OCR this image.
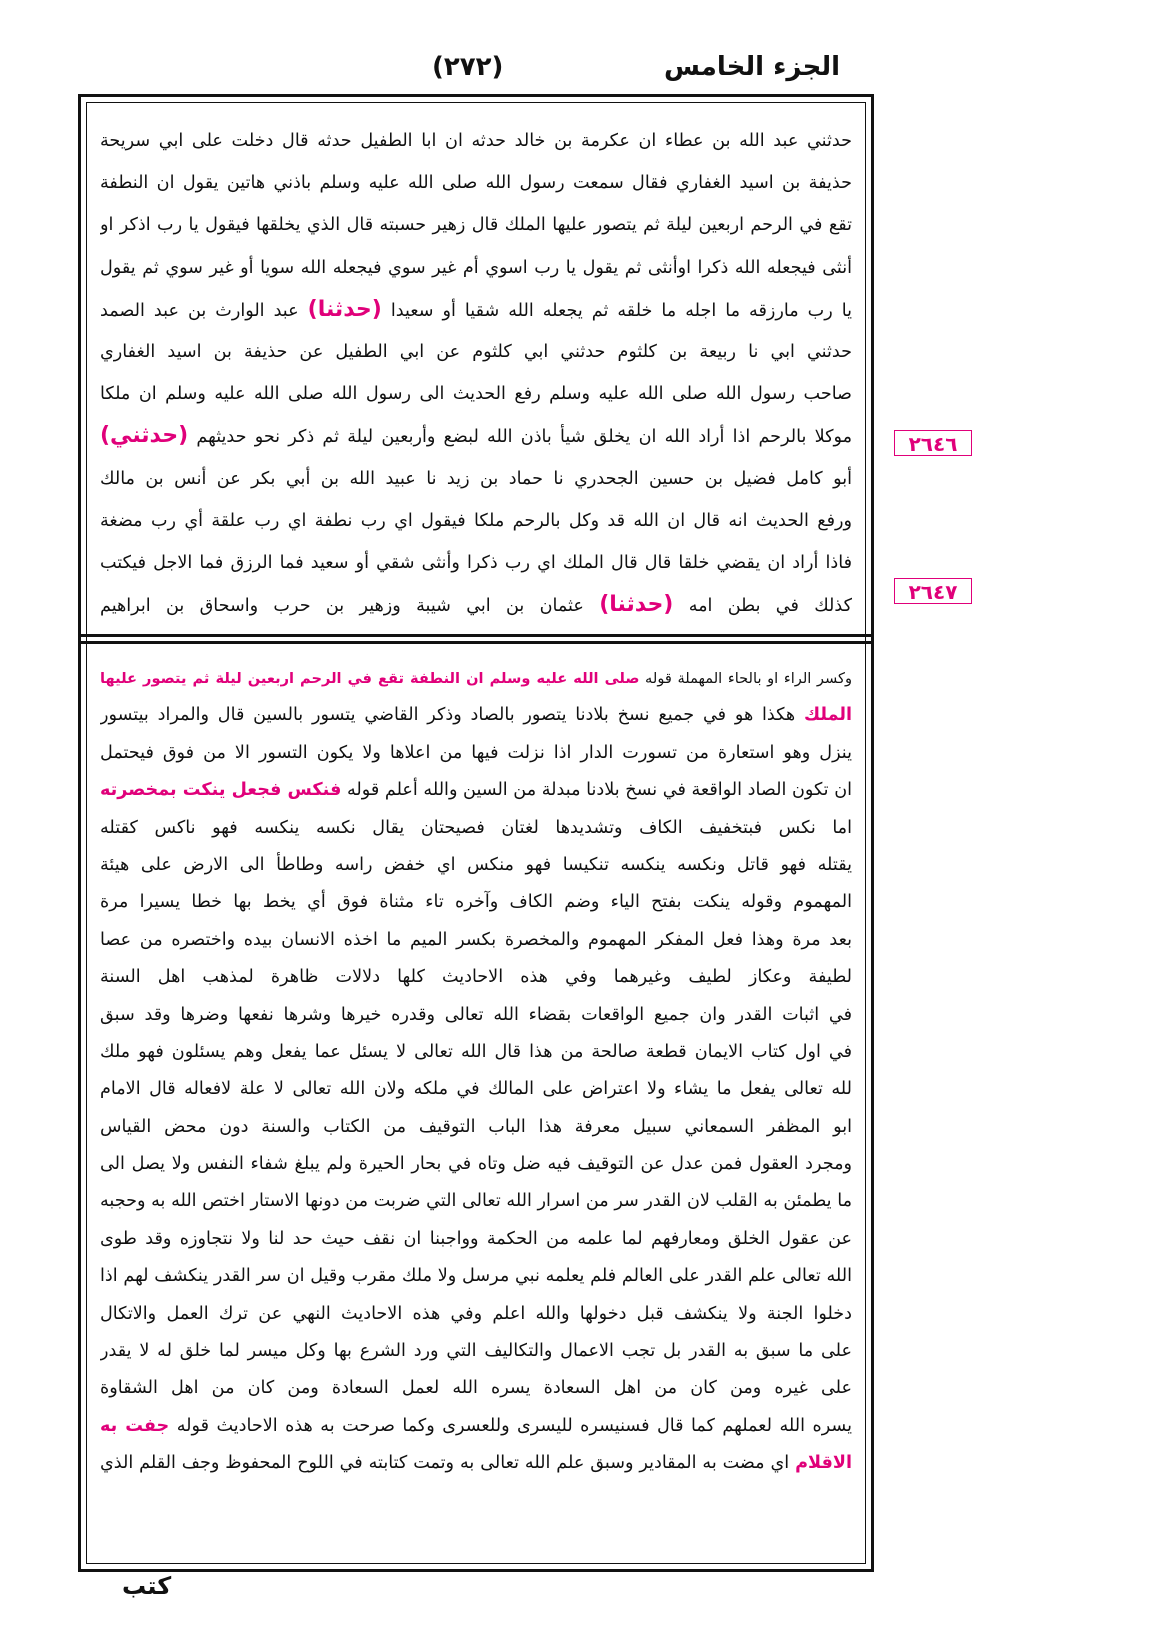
الجزء الخامس
(٢٧٢)
حدثني عبد الله بن عطاء ان عكرمة بن خالد حدثه ان ابا الطفيل حدثه قال دخلت على ابي سريحة
حذيفة بن اسيد الغفاري فقال سمعت رسول الله صلى الله عليه وسلم باذني هاتين يقول ان النطفة
تقع في الرحم اربعين ليلة ثم يتصور عليها الملك قال زهير حسبته قال الذي يخلقها فيقول يا رب اذكر او
أنثى فيجعله الله ذكرا اوأنثى ثم يقول يا رب اسوي أم غير سوي فيجعله الله سويا أو غير سوي ثم يقول
يا رب مارزقه ما اجله ما خلقه ثم يجعله الله شقيا أو سعيدا (حدثنا) عبد الوارث بن عبد الصمد
حدثني ابي نا ربيعة بن كلثوم حدثني ابي كلثوم عن ابي الطفيل عن حذيفة بن اسيد الغفاري
صاحب رسول الله صلى الله عليه وسلم رفع الحديث الى رسول الله صلى الله عليه وسلم ان ملكا
موكلا بالرحم اذا أراد الله ان يخلق شيأ باذن الله لبضع وأربعين ليلة ثم ذكر نحو حديثهم (حدثني)
أبو كامل فضيل بن حسين الجحدري نا حماد بن زيد نا عبيد الله بن أبي بكر عن أنس بن مالك
ورفع الحديث انه قال ان الله قد وكل بالرحم ملكا فيقول اي رب نطفة اي رب علقة أي رب مضغة
فاذا أراد ان يقضي خلقا قال قال الملك اي رب ذكرا وأنثى شقي أو سعيد فما الرزق فما الاجل فيكتب
كذلك في بطن امه (حدثنا) عثمان بن ابي شيبة وزهير بن حرب واسحاق بن ابراهيم
وكسر الراء او بالحاء المهملة قوله صلى الله عليه وسلم ان النطفة تقع في الرحم اربعين ليلة ثم يتصور عليها
الملك هكذا هو في جميع نسخ بلادنا يتصور بالصاد وذكر القاضي يتسور بالسين قال والمراد بيتسور
ينزل وهو استعارة من تسورت الدار اذا نزلت فيها من اعلاها ولا يكون التسور الا من فوق فيحتمل
ان تكون الصاد الواقعة في نسخ بلادنا مبدلة من السين والله أعلم قوله فنكس فجعل ينكت بمخصرته
اما نكس فبتخفيف الكاف وتشديدها لغتان فصيحتان يقال نكسه ينكسه فهو ناكس كقتله
يقتله فهو قاتل ونكسه ينكسه تنكيسا فهو منكس اي خفض راسه وطاطأ الى الارض على هيئة
المهموم وقوله ينكت بفتح الياء وضم الكاف وآخره تاء مثناة فوق أي يخط بها خطا يسيرا مرة
بعد مرة وهذا فعل المفكر المهموم والمخصرة بكسر الميم ما اخذه الانسان بيده واختصره من عصا
لطيفة وعكاز لطيف وغيرهما وفي هذه الاحاديث كلها دلالات ظاهرة لمذهب اهل السنة
في اثبات القدر وان جميع الواقعات بقضاء الله تعالى وقدره خيرها وشرها نفعها وضرها وقد سبق
في اول كتاب الايمان قطعة صالحة من هذا قال الله تعالى لا يسئل عما يفعل وهم يسئلون فهو ملك
لله تعالى يفعل ما يشاء ولا اعتراض على المالك في ملكه ولان الله تعالى لا علة لافعاله قال الامام
ابو المظفر السمعاني سبيل معرفة هذا الباب التوقيف من الكتاب والسنة دون محض القياس
ومجرد العقول فمن عدل عن التوقيف فيه ضل وتاه في بحار الحيرة ولم يبلغ شفاء النفس ولا يصل الى
ما يطمئن به القلب لان القدر سر من اسرار الله تعالى التي ضربت من دونها الاستار اختص الله به وحجبه
عن عقول الخلق ومعارفهم لما علمه من الحكمة وواجبنا ان نقف حيث حد لنا ولا نتجاوزه وقد طوى
الله تعالى علم القدر على العالم فلم يعلمه نبي مرسل ولا ملك مقرب وقيل ان سر القدر ينكشف لهم اذا
دخلوا الجنة ولا ينكشف قبل دخولها والله اعلم وفي هذه الاحاديث النهي عن ترك العمل والاتكال
على ما سبق به القدر بل تجب الاعمال والتكاليف التي ورد الشرع بها وكل ميسر لما خلق له لا يقدر
على غيره ومن كان من اهل السعادة يسره الله لعمل السعادة ومن كان من اهل الشقاوة
يسره الله لعملهم كما قال فسنيسره لليسرى وللعسرى وكما صرحت به هذه الاحاديث قوله جفت به
الاقلام اي مضت به المقادير وسبق علم الله تعالى به وتمت كتابته في اللوح المحفوظ وجف القلم الذي
٢٦٤٦
٢٦٤٧
كتب
